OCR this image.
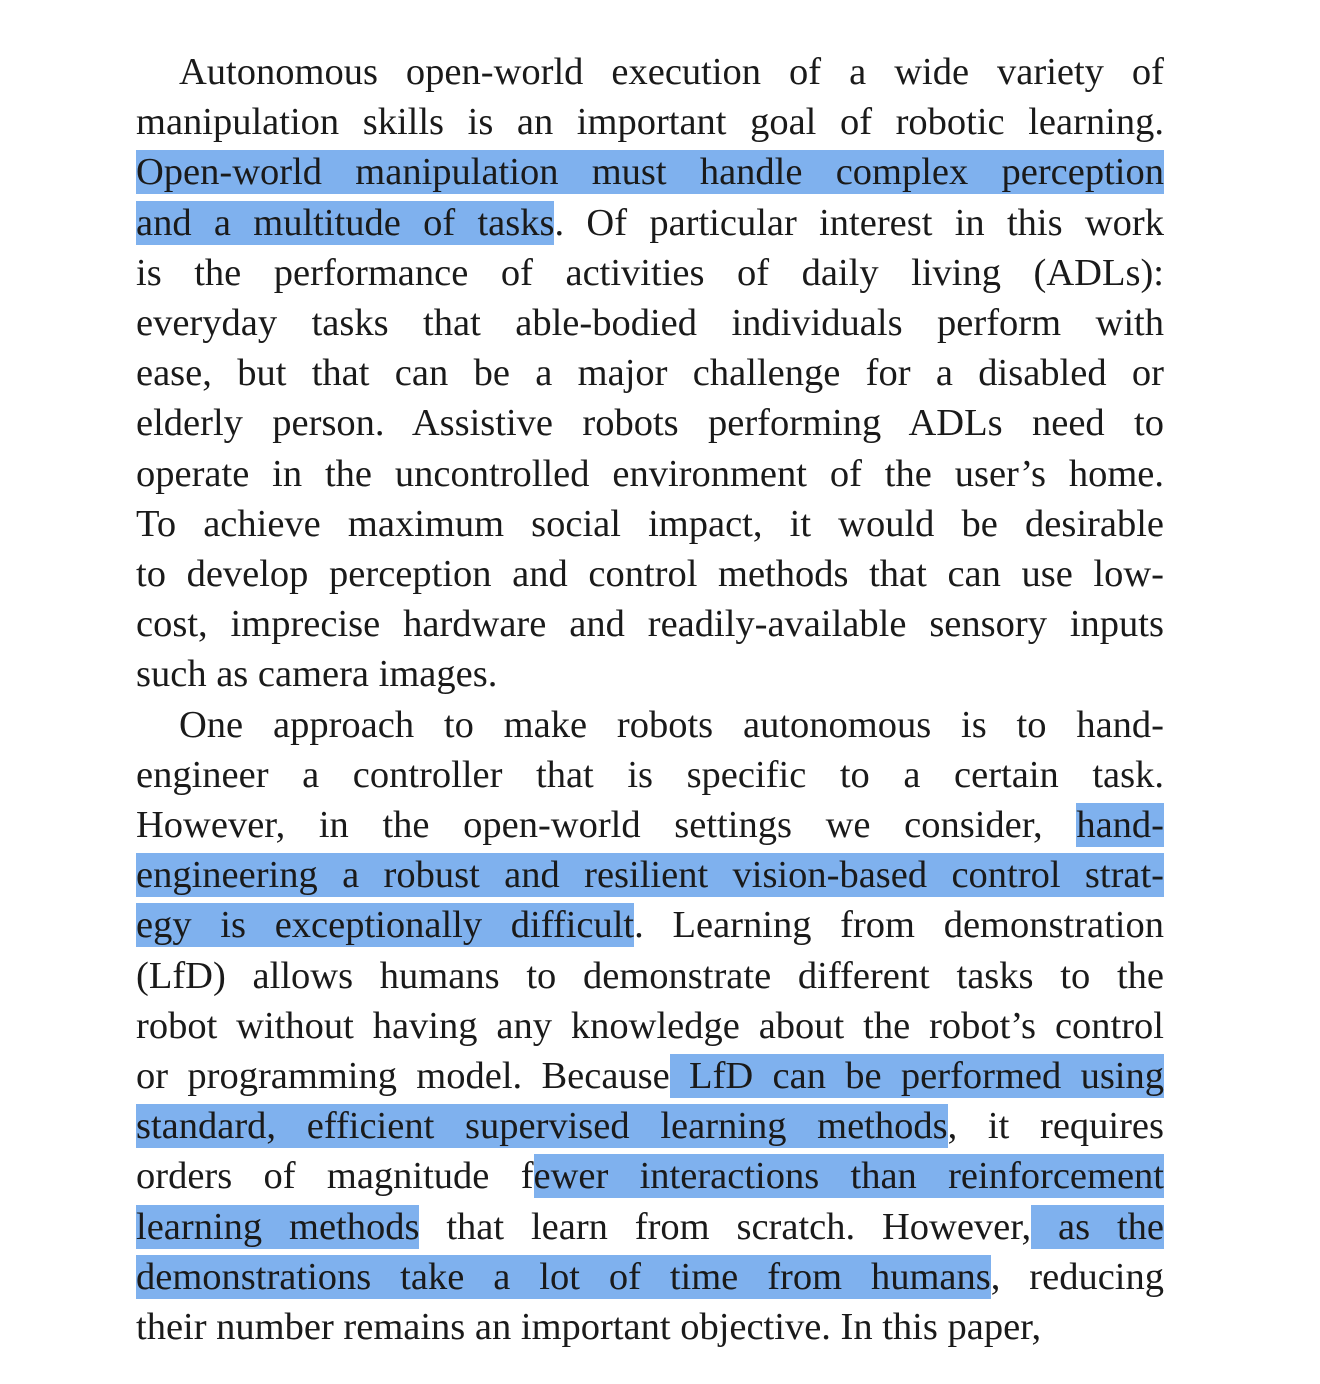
Autonomous open-world execution of a wide variety of
manipulation skills is an important goal of robotic learning.
Open-world manipulation must handle complex perception
and a multitude of tasks. Of particular interest in this work
is the performance of activities of daily living (ADLs):
everyday tasks that able-bodied individuals perform with
ease, but that can be a major challenge for a disabled or
elderly person. Assistive robots performing ADLs need to
operate in the uncontrolled environment of the user’s home.
To achieve maximum social impact, it would be desirable
to develop perception and control methods that can use low-
cost, imprecise hardware and readily-available sensory inputs
such as camera images.
One approach to make robots autonomous is to hand-
engineer a controller that is specific to a certain task.
However, in the open-world settings we consider, hand-
engineering a robust and resilient vision-based control strat-
egy is exceptionally difficult. Learning from demonstration
(LfD) allows humans to demonstrate different tasks to the
robot without having any knowledge about the robot’s control
or programming model. Because LfD can be performed using
standard, efficient supervised learning methods, it requires
orders of magnitude fewer interactions than reinforcement
learning methods that learn from scratch. However, as the
demonstrations take a lot of time from humans, reducing
their number remains an important objective. In this paper,
